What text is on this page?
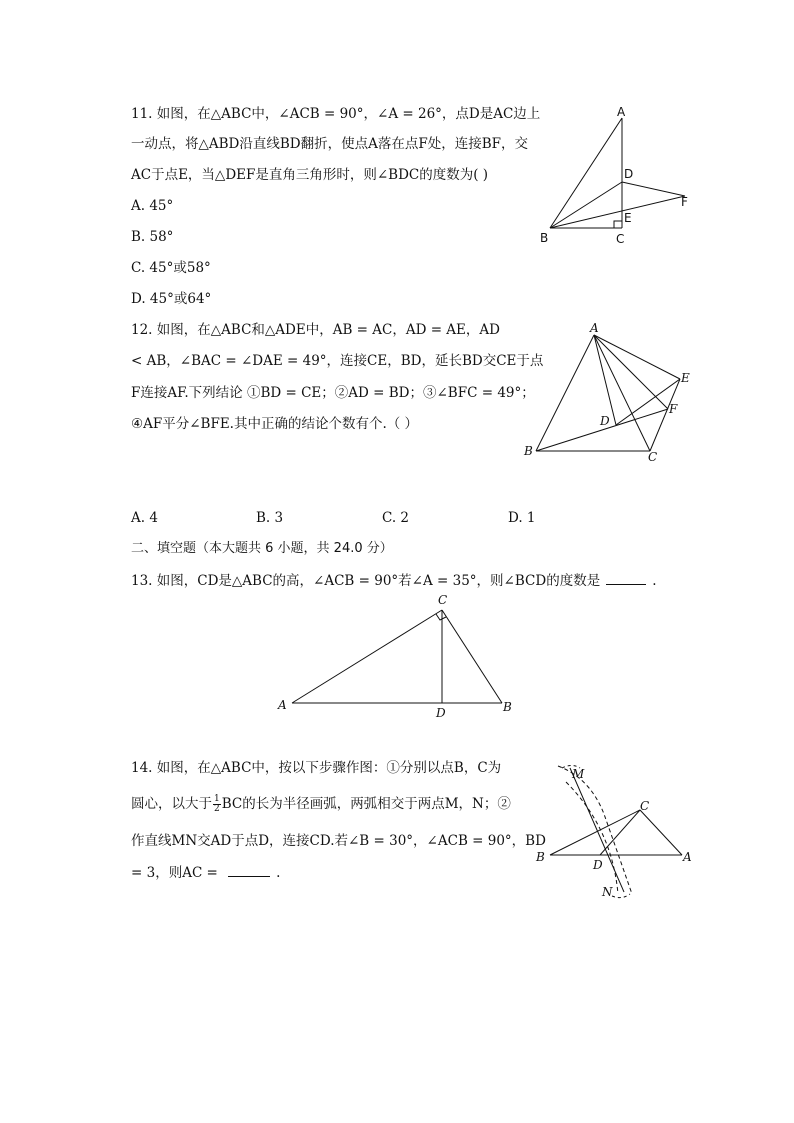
11. 如图，在△ABC中，∠ACB = 90°，∠A = 26°，点D是AC边上
一动点，将△ABD沿直线BD翻折，使点A落在点F处，连接BF，交
AC于点E，当△DEF是直角三角形时，则∠BDC的度数为( )
A. 45°
B. 58°
C. 45°或58°
D. 45°或64°
A
D
F
E
B	C
12. 如图，在△ABC和△ADE中，AB = AC，AD = AE，AD
< AB，∠BAC = ∠DAE = 49°，连接CE，BD，延长BD交CE于点
F连接AF.下列结论 ①BD = CE；②AD = BD；③∠BFC = 49°；
④AF平分∠BFE.其中正确的结论个数有个.（ ）
A. 4	B. 3	C. 2	D. 1
A
E
F
D
B	C
二、填空题（本大题共 6 小题，共 24.0 分）
13. 如图，CD是△ABC的高，∠ACB = 90°若∠A = 35°，则∠BCD的度数是	.
C
A
D	B
14. 如图，在△ABC中，按以下步骤作图：①分别以点B，C为
圆心，以大于 $\frac{1}{2}$ BC的长为半径画弧，两弧相交于两点M，N；②
作直线MN交AD于点D，连接CD.若∠B = 30°，∠ACB = 90°，BD
= 3，则AC =	.
M
C
B
D
A
N
